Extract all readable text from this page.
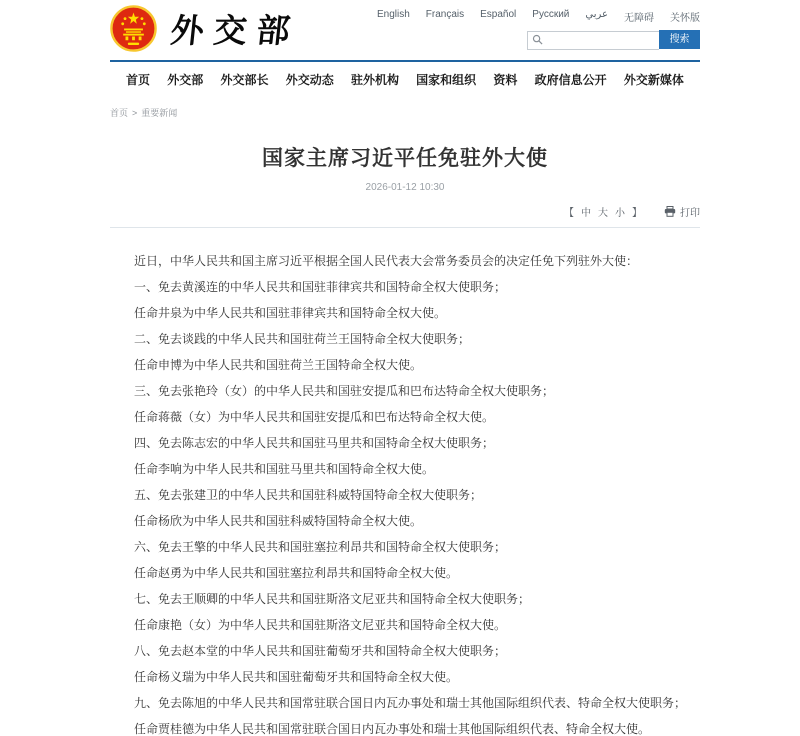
外交部	English Français Español Русский عربي 无障碍 关怀版
搜索
首页 外交部 外交部长 外交动态 驻外机构 国家和组织 资料 政府信息公开 外交新媒体
首页 > 重要新闻
国家主席习近平任免驻外大使
2026-01-12 10:30
【 中 大 小 】	打印

近日，中华人民共和国主席习近平根据全国人民代表大会常务委员会的决定任免下列驻外大使：

一、免去黄溪连的中华人民共和国驻菲律宾共和国特命全权大使职务；

任命井泉为中华人民共和国驻菲律宾共和国特命全权大使。

二、免去谈践的中华人民共和国驻荷兰王国特命全权大使职务；

任命申博为中华人民共和国驻荷兰王国特命全权大使。

三、免去张艳玲（女）的中华人民共和国驻安提瓜和巴布达特命全权大使职务；

任命蒋薇（女）为中华人民共和国驻安提瓜和巴布达特命全权大使。

四、免去陈志宏的中华人民共和国驻马里共和国特命全权大使职务；

任命李响为中华人民共和国驻马里共和国特命全权大使。

五、免去张建卫的中华人民共和国驻科威特国特命全权大使职务；

任命杨欣为中华人民共和国驻科威特国特命全权大使。

六、免去王擎的中华人民共和国驻塞拉利昂共和国特命全权大使职务；

任命赵勇为中华人民共和国驻塞拉利昂共和国特命全权大使。

七、免去王顺卿的中华人民共和国驻斯洛文尼亚共和国特命全权大使职务；

任命康艳（女）为中华人民共和国驻斯洛文尼亚共和国特命全权大使。

八、免去赵本堂的中华人民共和国驻葡萄牙共和国特命全权大使职务；

任命杨义瑞为中华人民共和国驻葡萄牙共和国特命全权大使。

九、免去陈旭的中华人民共和国常驻联合国日内瓦办事处和瑞士其他国际组织代表、特命全权大使职务；

任命贾桂德为中华人民共和国常驻联合国日内瓦办事处和瑞士其他国际组织代表、特命全权大使。
